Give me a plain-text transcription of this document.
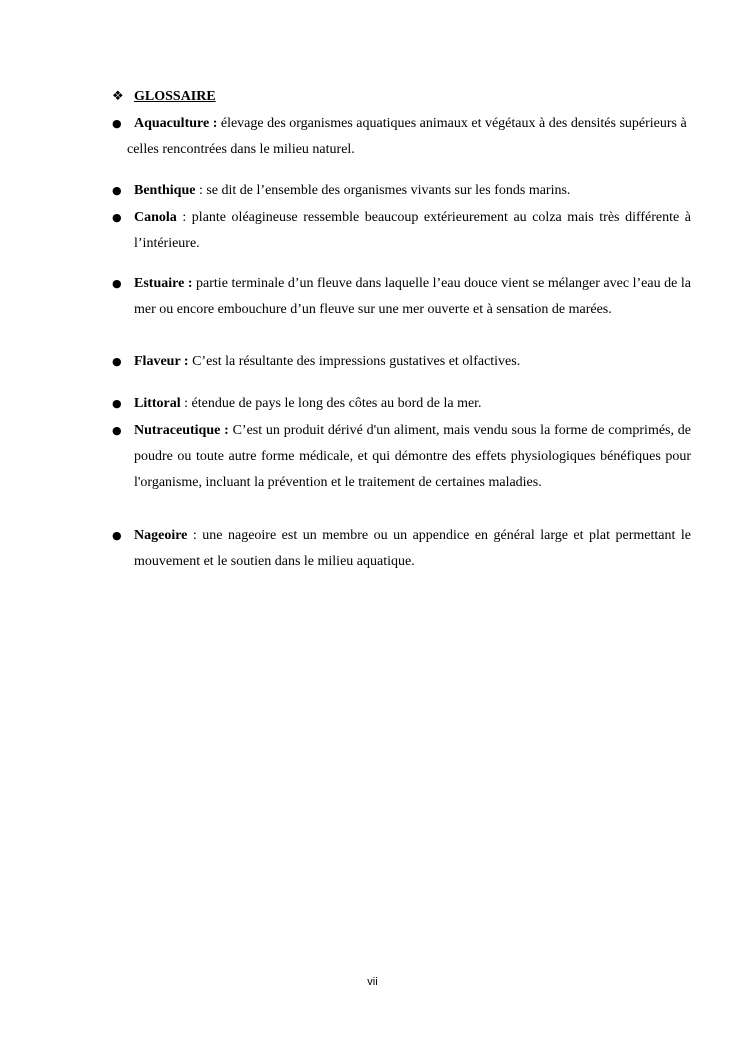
❖ GLOSSAIRE
● Aquaculture : élevage des organismes aquatiques animaux et végétaux à des densités supérieurs à celles rencontrées dans le milieu naturel.
● Benthique : se dit de l’ensemble des organismes vivants sur les fonds marins.
● Canola : plante oléagineuse ressemble beaucoup extérieurement au colza mais très différente à l’intérieure.
● Estuaire : partie terminale d’un fleuve dans laquelle l’eau douce vient se mélanger avec l’eau de la mer ou encore embouchure d’un fleuve sur une mer ouverte et à sensation de marées.
● Flaveur : C’est la résultante des impressions gustatives et olfactives.
● Littoral : étendue de pays le long des côtes au bord de la mer.
● Nutraceutique : C’est un produit dérivé d'un aliment, mais vendu sous la forme de comprimés, de poudre ou toute autre forme médicale, et qui démontre des effets physiologiques bénéfiques pour l'organisme, incluant la prévention et le traitement de certaines maladies.
● Nageoire : une nageoire est un membre ou un appendice en général large et plat permettant le mouvement et le soutien dans le milieu aquatique.
vii
